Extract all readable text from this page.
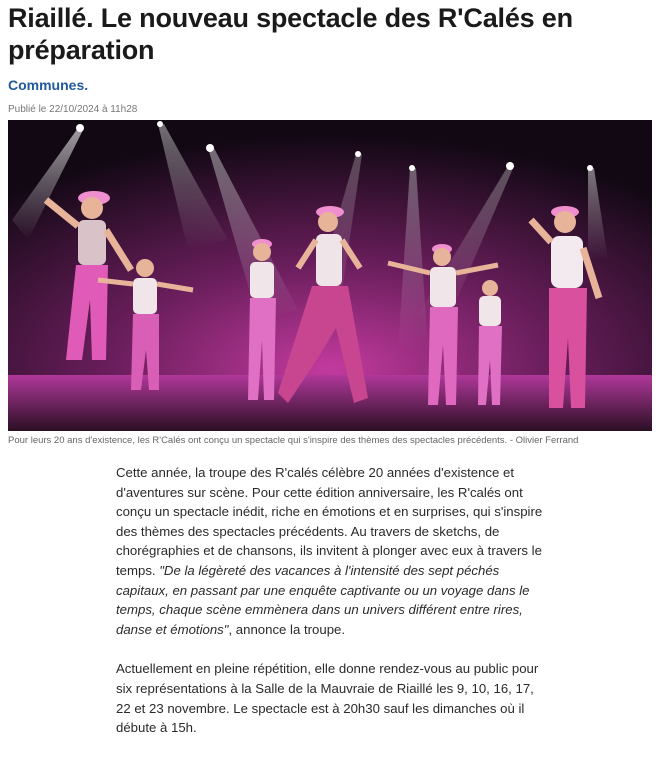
Riaillé. Le nouveau spectacle des R'Calés en préparation
Communes.
Publié le 22/10/2024 à 11h28
Pour leurs 20 ans d'existence, les R'Calés ont conçu un spectacle qui s'inspire des thèmes des spectacles précédents. - Olivier Ferrand

Cette année, la troupe des R'calés célèbre 20 années d'existence et d'aventures sur scène. Pour cette édition anniversaire, les R'calés ont conçu un spectacle inédit, riche en émotions et en surprises, qui s'inspire des thèmes des spectacles précédents. Au travers de sketchs, de chorégraphies et de chansons, ils invitent à plonger avec eux à travers le temps. "De la légèreté des vacances à l'intensité des sept péchés capitaux, en passant par une enquête captivante ou un voyage dans le temps, chaque scène emmènera dans un univers différent entre rires, danse et émotions", annonce la troupe.

Actuellement en pleine répétition, elle donne rendez-vous au public pour six représentations à la Salle de la Mauvraie de Riaillé les 9, 10, 16, 17, 22 et 23 novembre. Le spectacle est à 20h30 sauf les dimanches où il débute à 15h.
